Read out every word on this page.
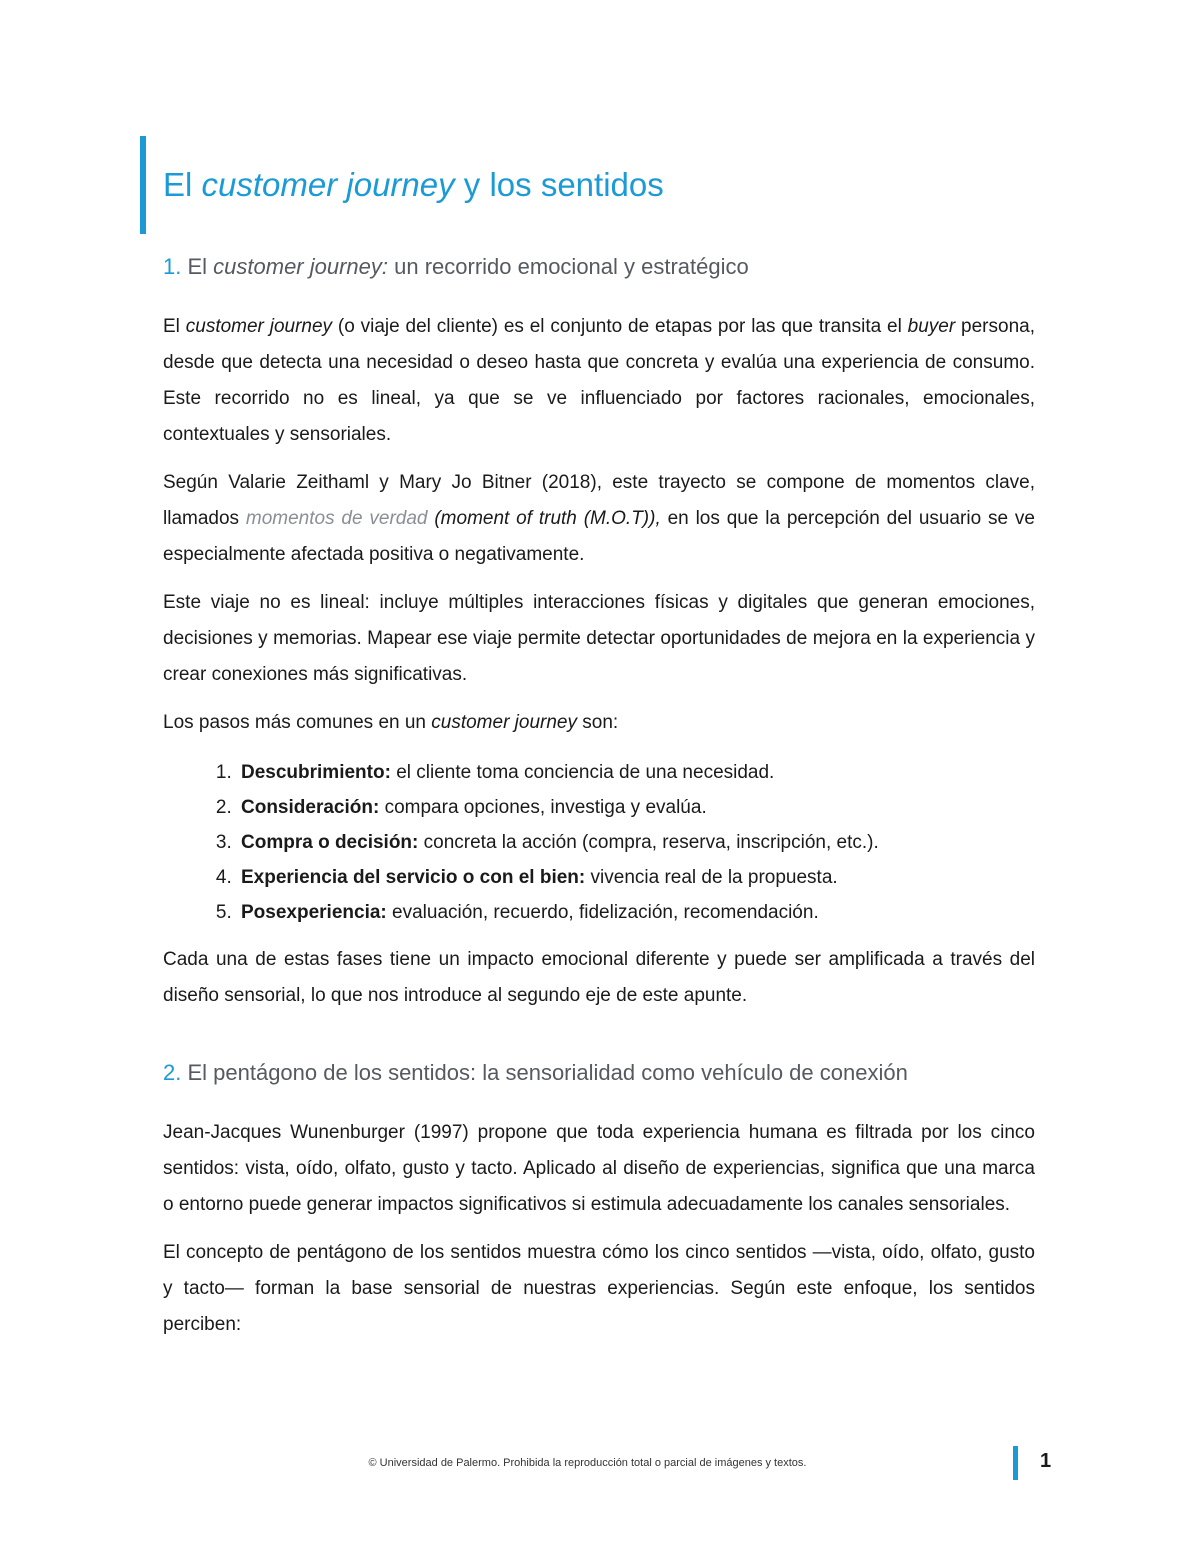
El customer journey y los sentidos
1. El customer journey: un recorrido emocional y estratégico

El customer journey (o viaje del cliente) es el conjunto de etapas por las que transita el buyer persona, desde que detecta una necesidad o deseo hasta que concreta y evalúa una experiencia de consumo. Este recorrido no es lineal, ya que se ve influenciado por factores racionales, emocionales, contextuales y sensoriales.

Según Valarie Zeithaml y Mary Jo Bitner (2018), este trayecto se compone de momentos clave, llamados momentos de verdad (moment of truth (M.O.T)), en los que la percepción del usuario se ve especialmente afectada positiva o negativamente.

Este viaje no es lineal: incluye múltiples interacciones físicas y digitales que generan emociones, decisiones y memorias. Mapear ese viaje permite detectar oportunidades de mejora en la experiencia y crear conexiones más significativas.

Los pasos más comunes en un customer journey son:

1. Descubrimiento: el cliente toma conciencia de una necesidad.
2. Consideración: compara opciones, investiga y evalúa.
3. Compra o decisión: concreta la acción (compra, reserva, inscripción, etc.).
4. Experiencia del servicio o con el bien: vivencia real de la propuesta.
5. Posexperiencia: evaluación, recuerdo, fidelización, recomendación.

Cada una de estas fases tiene un impacto emocional diferente y puede ser amplificada a través del diseño sensorial, lo que nos introduce al segundo eje de este apunte.

2. El pentágono de los sentidos: la sensorialidad como vehículo de conexión

Jean-Jacques Wunenburger (1997) propone que toda experiencia humana es filtrada por los cinco sentidos: vista, oído, olfato, gusto y tacto. Aplicado al diseño de experiencias, significa que una marca o entorno puede generar impactos significativos si estimula adecuadamente los canales sensoriales.

El concepto de pentágono de los sentidos muestra cómo los cinco sentidos —vista, oído, olfato, gusto y tacto— forman la base sensorial de nuestras experiencias. Según este enfoque, los sentidos perciben:

© Universidad de Palermo. Prohibida la reproducción total o parcial de imágenes y textos.	1
